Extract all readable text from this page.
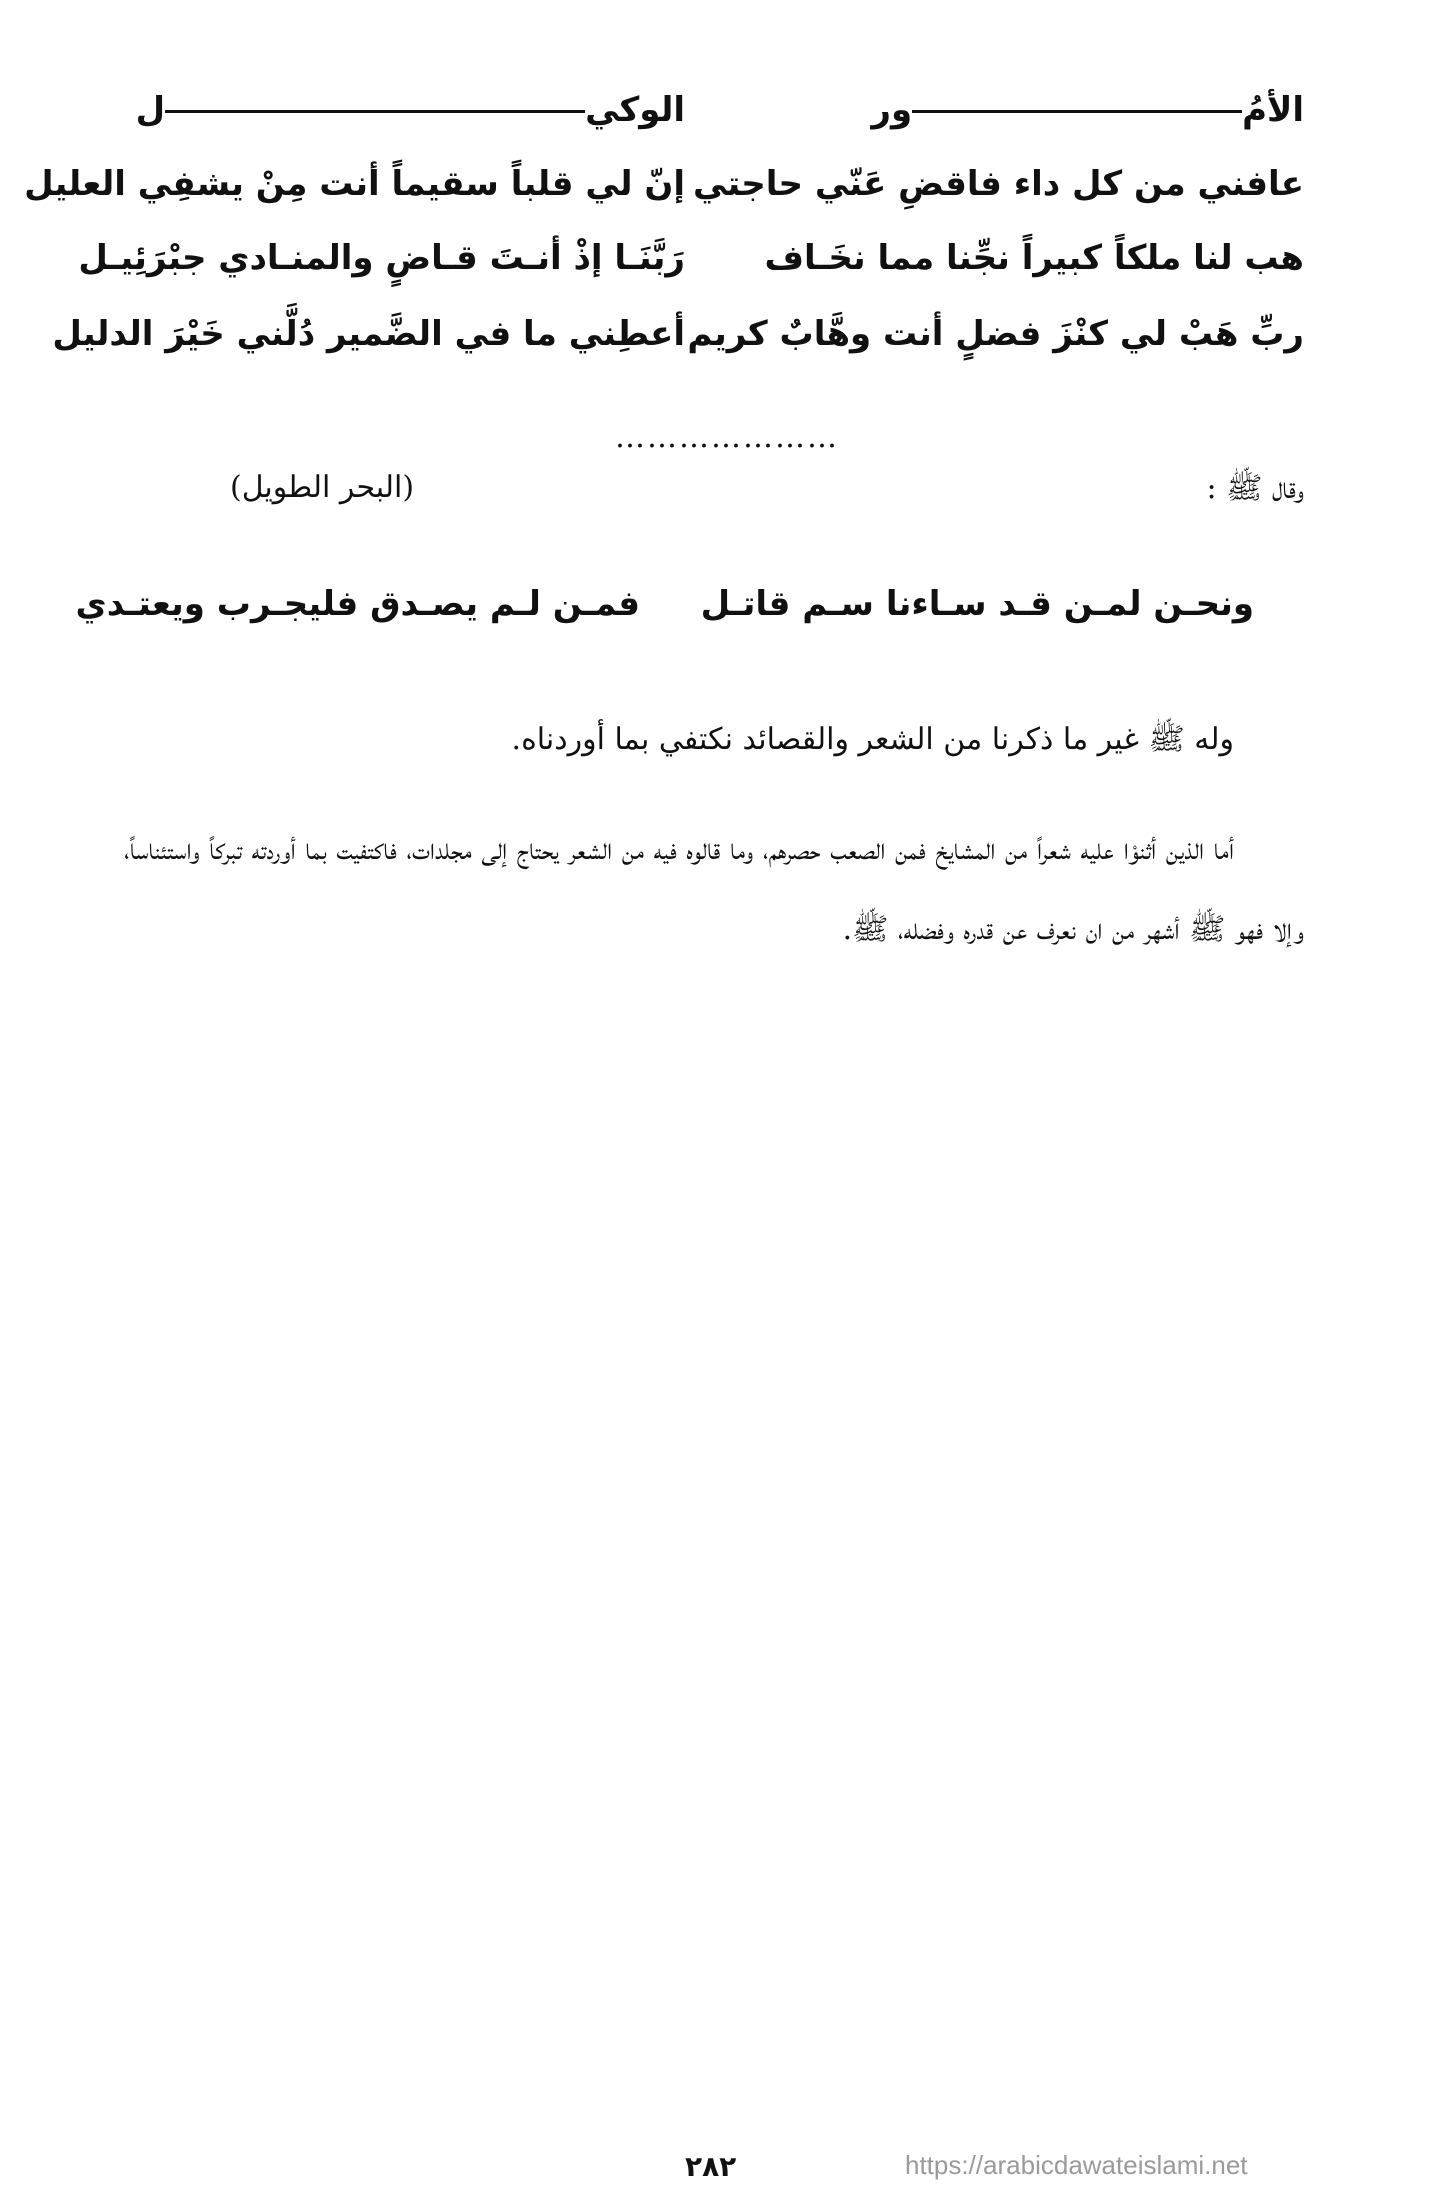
الأمُور
الوكيل
عافني من كل داء فاقضِ عَنّي حاجتي
إنّ لي قلباً سقيماً أنت مِنْ يشفِي العليل
هب لنا ملكاً كبيراً نجِّنا مما نخَـاف
رَبَّنَـا إذْ أنـتَ قـاضٍ والمنـادي جبْرَئِيـل
ربِّ هَبْ لي كنْزَ فضلٍ أنت وهَّابٌ كريم
أعطِني ما في الضَّمير دُلَّني خَيْرَ الدليل
…………………
وقال ﷺ :
(البحر الطويل)
ونحـن لمـن قـد سـاءنا سـم قاتـل
فمـن لـم يصـدق فليجـرب ويعتـدي
وله ﷺ غير ما ذكرنا من الشعر والقصائد نكتفي بما أوردناه.
أما الذين أثنوْا عليه شعراً من المشايخ فمن الصعب حصرهم، وما قالوه فيه من الشعر يحتاج إلى مجلدات، فاكتفيت بما أوردته تبركاً واستئناساً، وإلا فهو ﷺ أشهر من ان نعرف عن قدره وفضله، ﷺ.
٢٨٢	https://arabicdawateislami.net
